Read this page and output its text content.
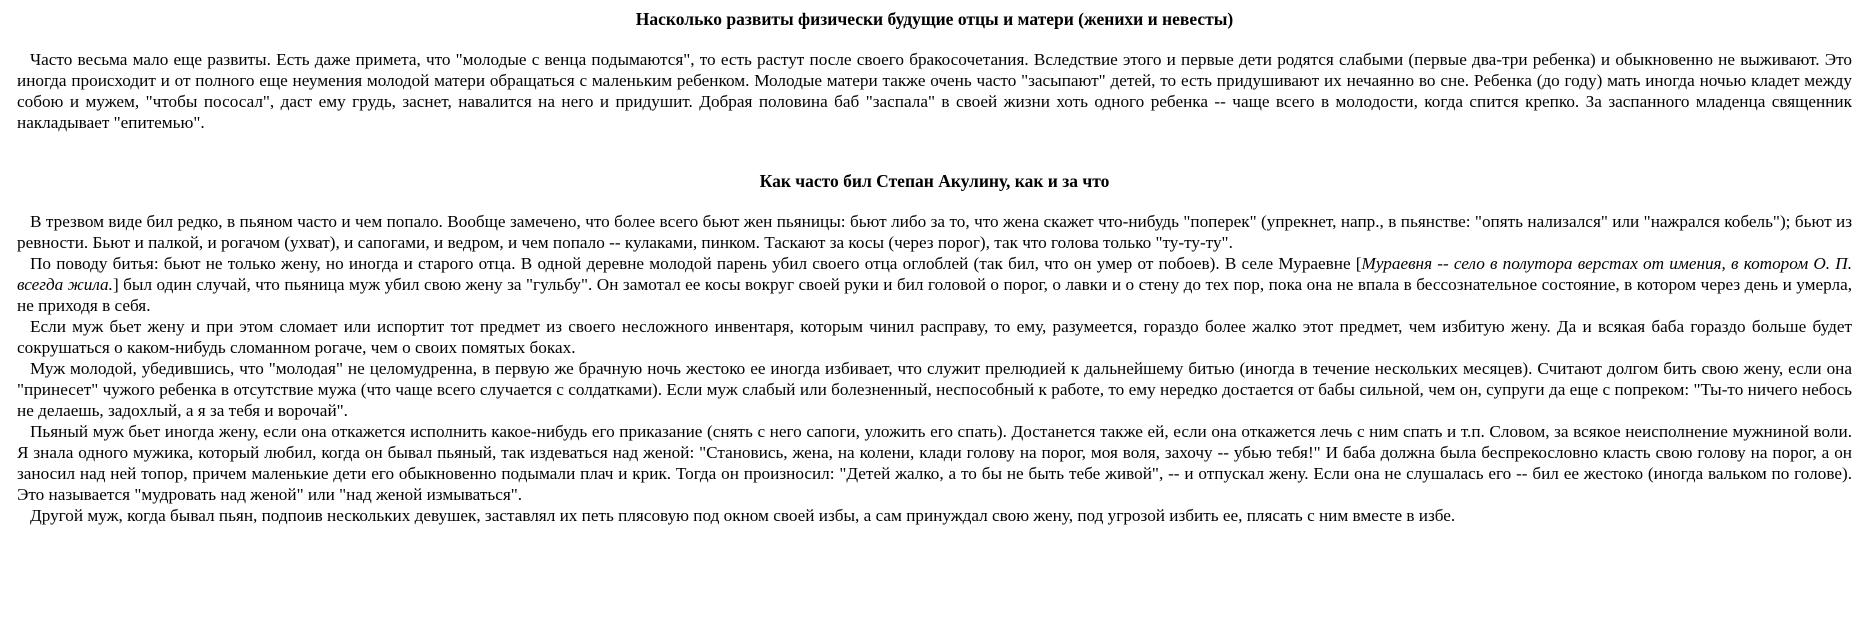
Насколько развиты физически будущие отцы и матери (женихи и невесты)

Часто весьма мало еще развиты. Есть даже примета, что "молодые с венца подымаются", то есть растут после своего бракосочетания. Вследствие этого и первые дети родятся слабыми (первые два-три ребенка) и обыкновенно не выживают. Это иногда происходит и от полного еще неумения молодой матери обращаться с маленьким ребенком. Молодые матери также очень часто "засыпают" детей, то есть придушивают их нечаянно во сне. Ребенка (до году) мать иногда ночью кладет между собою и мужем, "чтобы пососал", даст ему грудь, заснет, навалится на него и придушит. Добрая половина баб "заспала" в своей жизни хоть одного ребенка -- чаще всего в молодости, когда спится крепко. За заспанного младенца священник накладывает "епитемью".

Как часто бил Степан Акулину, как и за что

В трезвом виде бил редко, в пьяном часто и чем попало. Вообще замечено, что более всего бьют жен пьяницы: бьют либо за то, что жена скажет что-нибудь "поперек" (упрекнет, напр., в пьянстве: "опять нализался" или "нажрался кобель"); бьют из ревности. Бьют и палкой, и рогачом (ухват), и сапогами, и ведром, и чем попало -- кулаками, пинком. Таскают за косы (через порог), так что голова только "ту-ту-ту".

По поводу битья: бьют не только жену, но иногда и старого отца. В одной деревне молодой парень убил своего отца оглоблей (так бил, что он умер от побоев). В селе Мураевне [Мураевня -- село в полутора верстах от имения, в котором О. П. всегда жила.] был один случай, что пьяница муж убил свою жену за "гульбу". Он замотал ее косы вокруг своей руки и бил головой о порог, о лавки и о стену до тех пор, пока она не впала в бессознательное состояние, в котором через день и умерла, не приходя в себя.

Если муж бьет жену и при этом сломает или испортит тот предмет из своего несложного инвентаря, которым чинил расправу, то ему, разумеется, гораздо более жалко этот предмет, чем избитую жену. Да и всякая баба гораздо больше будет сокрушаться о каком-нибудь сломанном рогаче, чем о своих помятых боках.

Муж молодой, убедившись, что "молодая" не целомудренна, в первую же брачную ночь жестоко ее иногда избивает, что служит прелюдией к дальнейшему битью (иногда в течение нескольких месяцев). Считают долгом бить свою жену, если она "принесет" чужого ребенка в отсутствие мужа (что чаще всего случается с солдатками). Если муж слабый или болезненный, неспособный к работе, то ему нередко достается от бабы сильной, чем он, супруги да еще с попреком: "Ты-то ничего небось не делаешь, задохлый, а я за тебя и ворочай".

Пьяный муж бьет иногда жену, если она откажется исполнить какое-нибудь его приказание (снять с него сапоги, уложить его спать). Достанется также ей, если она откажется лечь с ним спать и т.п. Словом, за всякое неисполнение мужниной воли. Я знала одного мужика, который любил, когда он бывал пьяный, так издеваться над женой: "Становись, жена, на колени, клади голову на порог, моя воля, захочу -- убью тебя!" И баба должна была беспрекословно класть свою голову на порог, а он заносил над ней топор, причем маленькие дети его обыкновенно подымали плач и крик. Тогда он произносил: "Детей жалко, а то бы не быть тебе живой", -- и отпускал жену. Если она не слушалась его -- бил ее жестоко (иногда вальком по голове). Это называется "мудровать над женой" или "над женой измываться".

Другой муж, когда бывал пьян, подпоив нескольких девушек, заставлял их петь плясовую под окном своей избы, а сам принуждал свою жену, под угрозой избить ее, плясать с ним вместе в избе.
